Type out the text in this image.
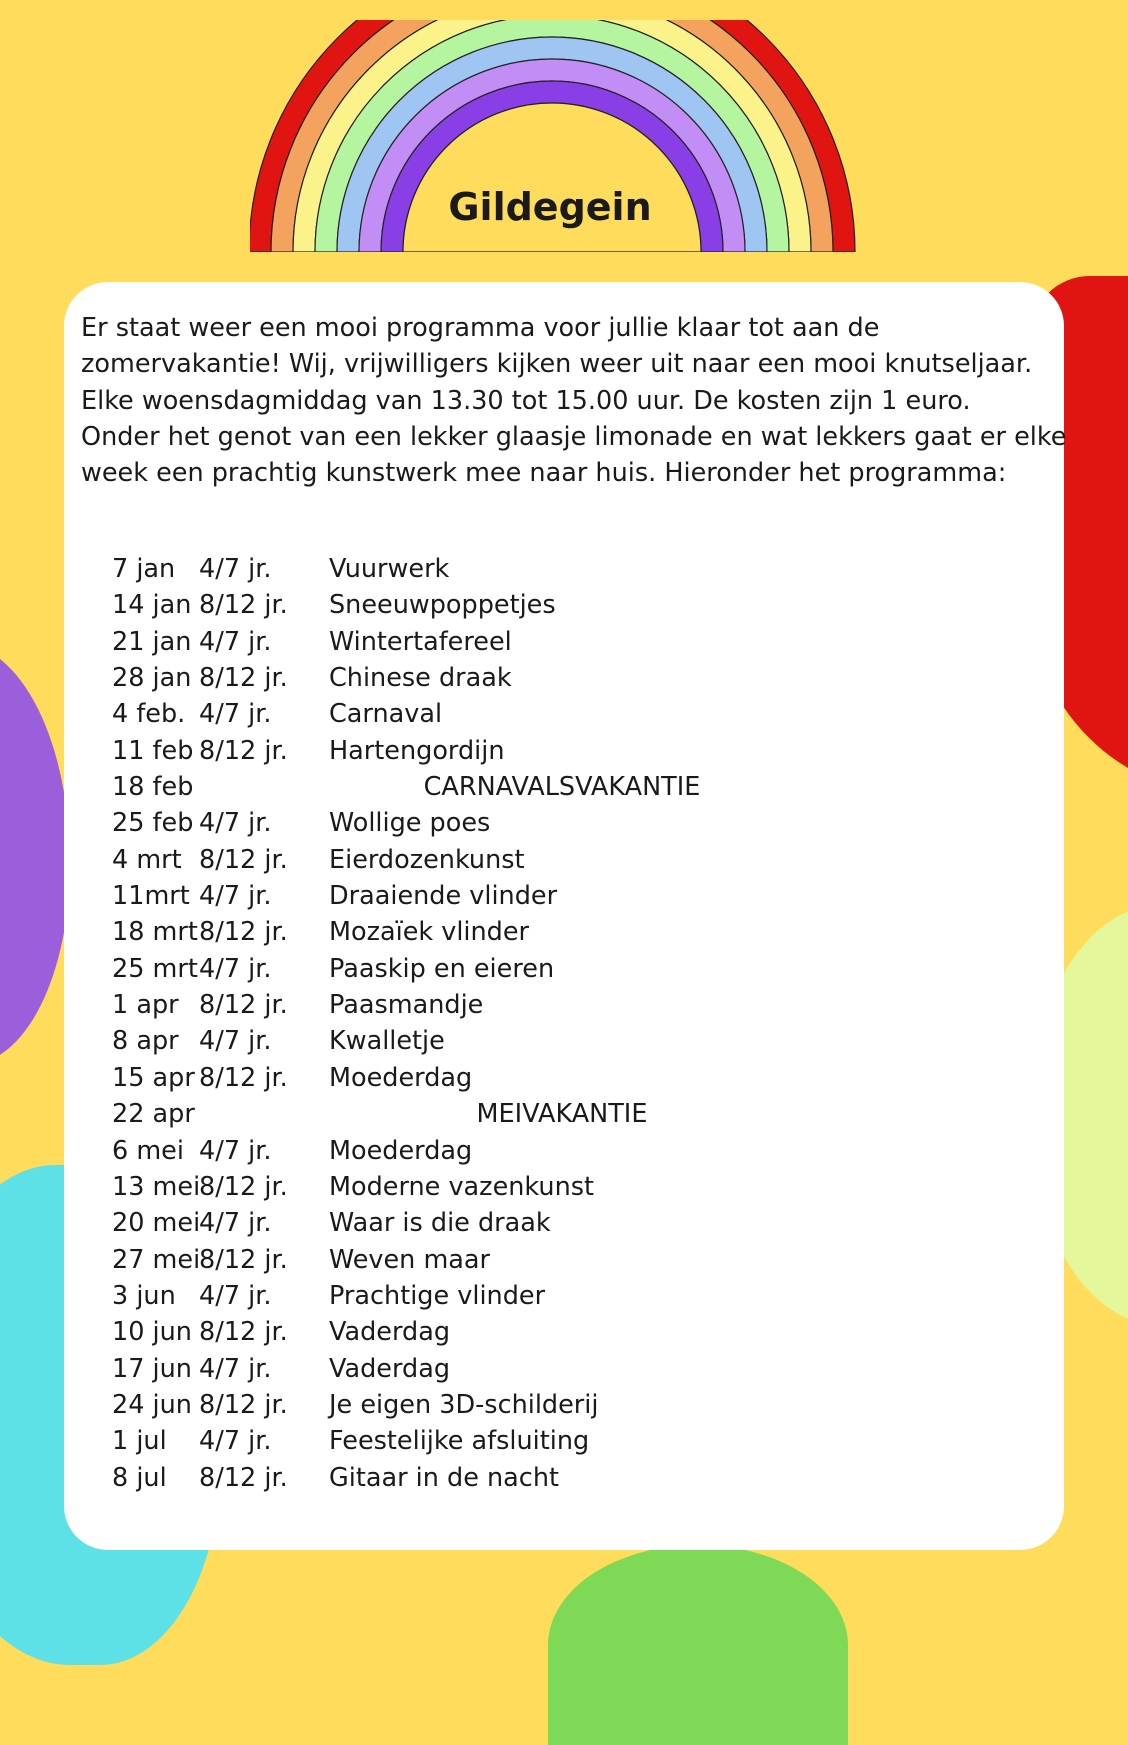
Gildegein

Er staat weer een mooi programma voor jullie klaar tot aan de
zomervakantie! Wij, vrijwilligers kijken weer uit naar een mooi knutseljaar.
Elke woensdagmiddag van 13.30 tot 15.00 uur. De kosten zijn 1 euro.
Onder het genot van een lekker glaasje limonade en wat lekkers gaat er elke
week een prachtig kunstwerk mee naar huis. Hieronder het programma:

7 jan 4/7 jr. Vuurwerk
14 jan 8/12 jr. Sneeuwpoppetjes
21 jan 4/7 jr. Wintertafereel
28 jan 8/12 jr. Chinese draak
4 feb. 4/7 jr. Carnaval
11 feb 8/12 jr. Hartengordijn
18 feb	CARNAVALSVAKANTIE
25 feb 4/7 jr. Wollige poes
4 mrt 8/12 jr. Eierdozenkunst
11mrt 4/7 jr. Draaiende vlinder
18 mrt 8/12 jr. Mozaïek vlinder
25 mrt 4/7 jr. Paaskip en eieren
1 apr 8/12 jr. Paasmandje
8 apr 4/7 jr. Kwalletje
15 apr 8/12 jr. Moederdag
22 apr	MEIVAKANTIE
6 mei 4/7 jr. Moederdag
13 mei
8/12 jr. Moderne vazenkunst
20 mei
4/7 jr. Waar is die draak
27 mei
8/12 jr. Weven maar
3 jun 4/7 jr. Prachtige vlinder
10 jun 8/12 jr. Vaderdag
17 jun 4/7 jr. Vaderdag
24 jun 8/12 jr. Je eigen 3D-schilderij
1 jul 4/7 jr. Feestelijke afsluiting
8 jul 8/12 jr. Gitaar in de nacht
